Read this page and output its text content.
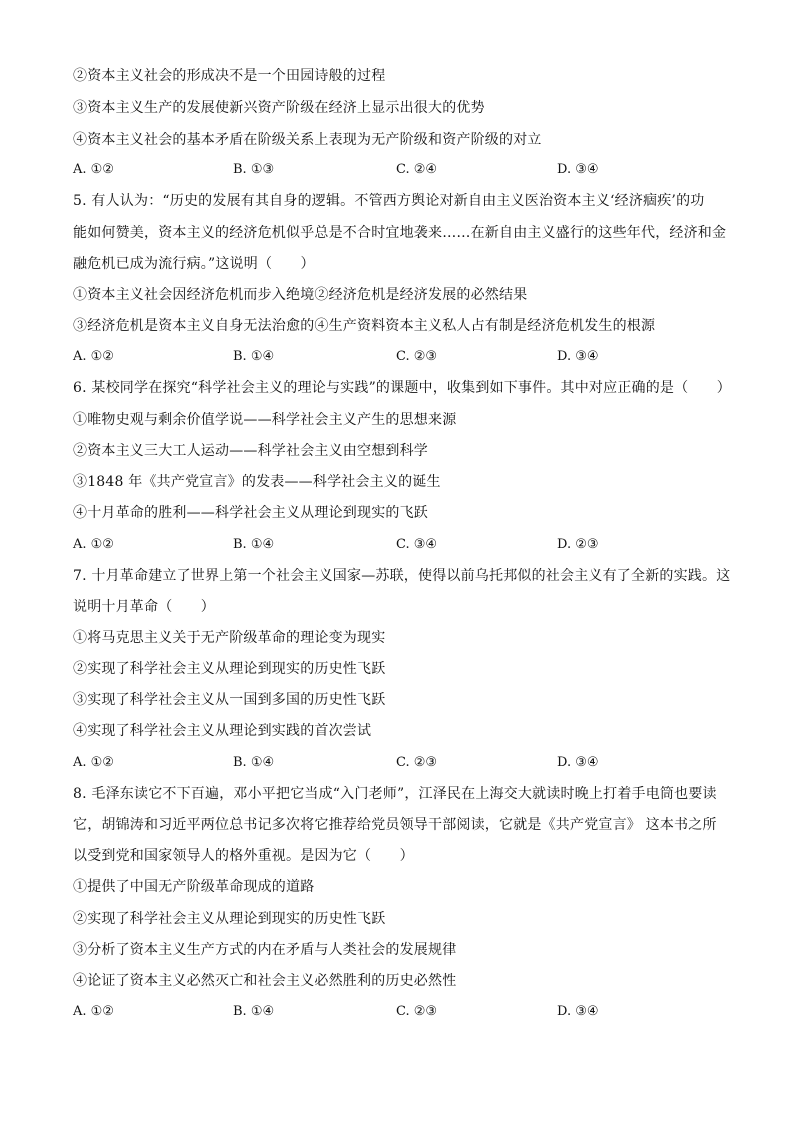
②资本主义社会的形成决不是一个田园诗般的过程
③资本主义生产的发展使新兴资产阶级在经济上显示出很大的优势
④资本主义社会的基本矛盾在阶级关系上表现为无产阶级和资产阶级的对立
A. ①②	B. ①③	C. ②④	D. ③④
5. 有人认为：“历史的发展有其自身的逻辑。不管西方舆论对新自由主义医治资本主义‘经济痼疾’的功
能如何赞美，资本主义的经济危机似乎总是不合时宜地袭来……在新自由主义盛行的这些年代，经济和金
融危机已成为流行病。”这说明（　　）
①资本主义社会因经济危机而步入绝境②经济危机是经济发展的必然结果
③经济危机是资本主义自身无法治愈的④生产资料资本主义私人占有制是经济危机发生的根源
A. ①②	B. ①④	C. ②③	D. ③④
6. 某校同学在探究“科学社会主义的理论与实践”的课题中，收集到如下事件。其中对应正确的是（　　）
①唯物史观与剩余价值学说——科学社会主义产生的思想来源
②资本主义三大工人运动——科学社会主义由空想到科学
③1848 年《共产党宣言》的发表——科学社会主义的诞生
④十月革命的胜利——科学社会主义从理论到现实的飞跃
A. ①②	B. ①④	C. ③④	D. ②③
7. 十月革命建立了世界上第一个社会主义国家—苏联，使得以前乌托邦似的社会主义有了全新的实践。这
说明十月革命（　　）
①将马克思主义关于无产阶级革命的理论变为现实
②实现了科学社会主义从理论到现实的历史性飞跃
③实现了科学社会主义从一国到多国的历史性飞跃
④实现了科学社会主义从理论到实践的首次尝试
A. ①②	B. ①④	C. ②③	D. ③④
8. 毛泽东读它不下百遍，邓小平把它当成“入门老师”，江泽民在上海交大就读时晚上打着手电筒也要读
它，胡锦涛和习近平两位总书记多次将它推荐给党员领导干部阅读，它就是《共产党宣言》 这本书之所
以受到党和国家领导人的格外重视。是因为它（　　）
①提供了中国无产阶级革命现成的道路
②实现了科学社会主义从理论到现实的历史性飞跃
③分析了资本主义生产方式的内在矛盾与人类社会的发展规律
④论证了资本主义必然灭亡和社会主义必然胜利的历史必然性
A. ①②	B. ①④	C. ②③	D. ③④
